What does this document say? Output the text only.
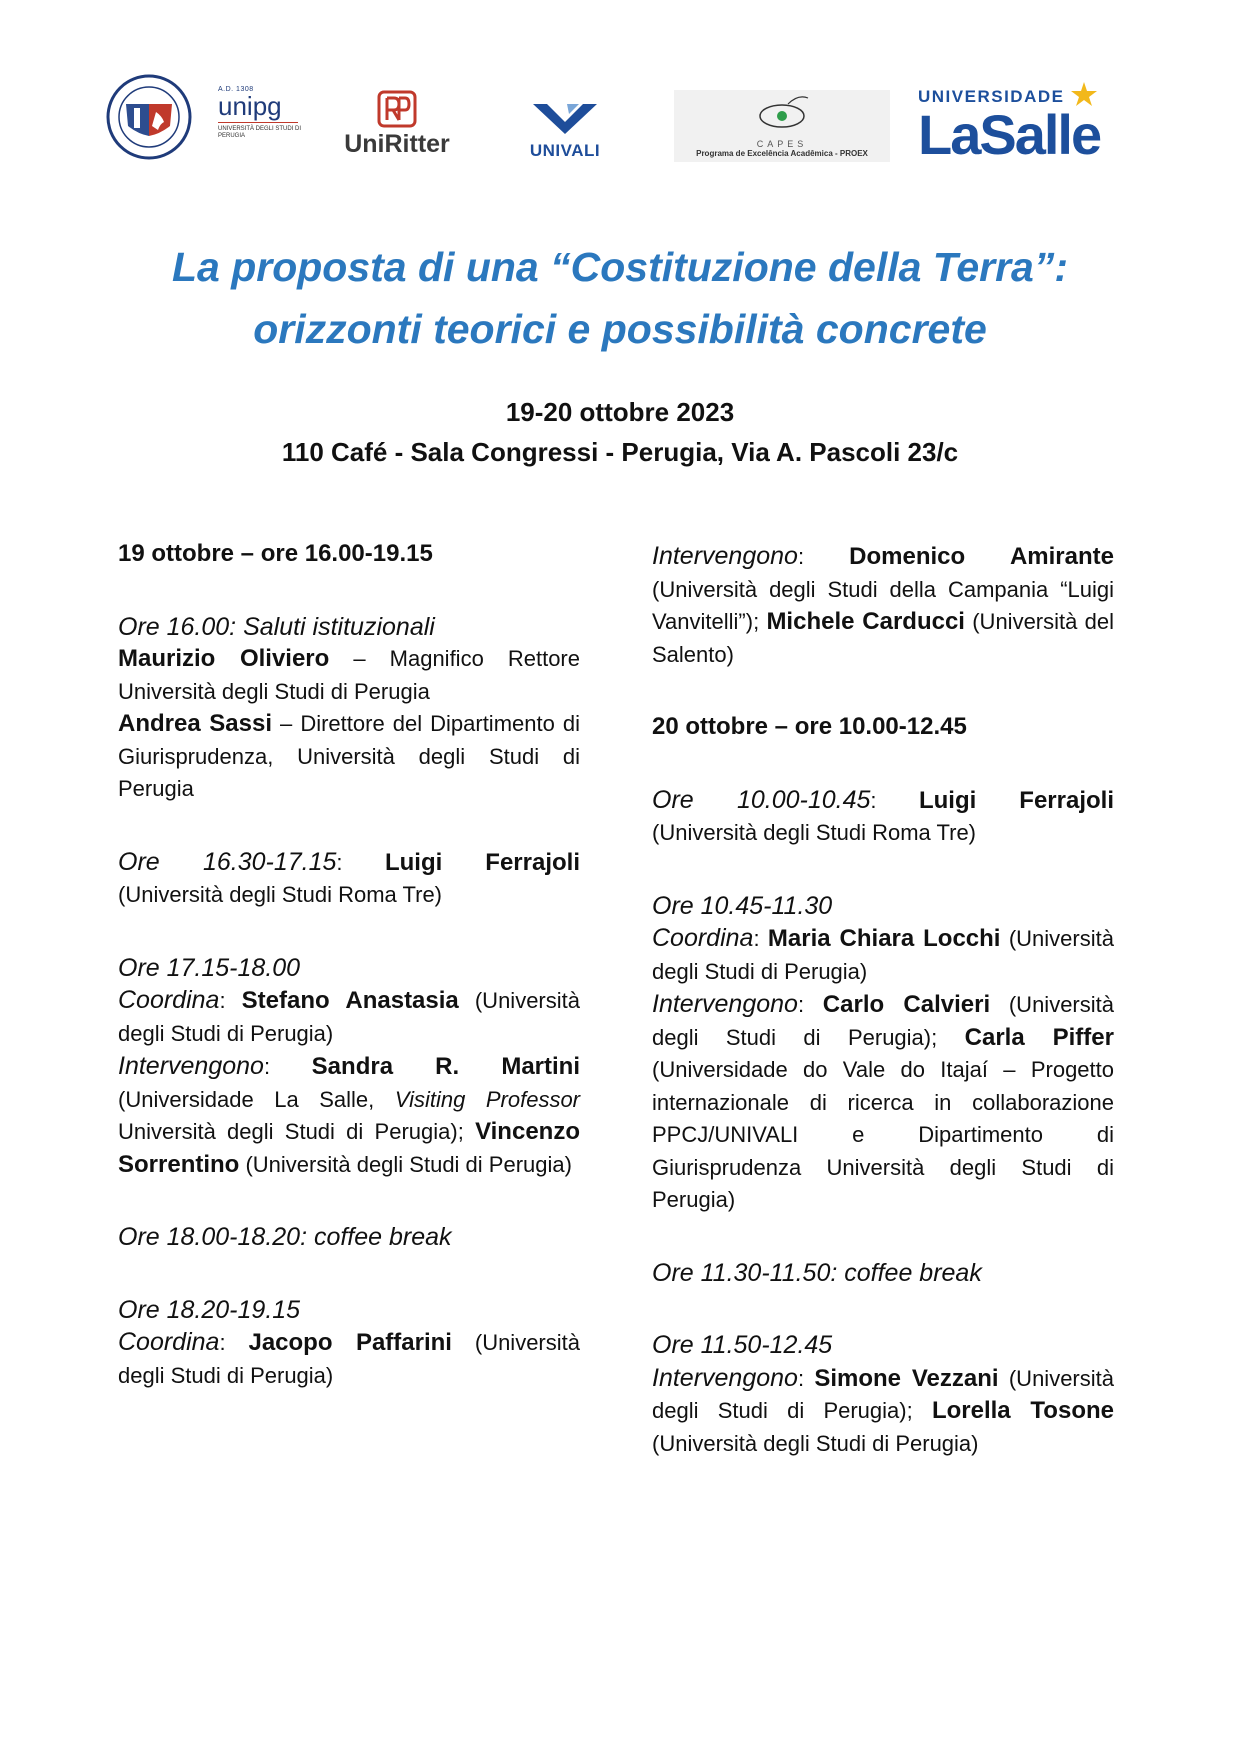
A.D. 1308
unipg
UNIVERSITÀ DEGLI STUDI DI PERUGIA	UniRitter	UNIVALI	CAPES
Programa de Excelência Acadêmica - PROEX
UNIVERSIDADE
LaSalle
La proposta di una “Costituzione della Terra”:
orizzonti teorici e possibilità concrete
19-20 ottobre 2023
110 Café - Sala Congressi - Perugia, Via A. Pascoli 23/c

19 ottobre – ore 16.00-19.15

Ore 16.00: Saluti istituzionali

Maurizio Oliviero – Magnifico Rettore Università degli Studi di Perugia

Andrea Sassi – Direttore del Dipartimento di Giurisprudenza, Università degli Studi di Perugia

Ore 16.30-17.15: Luigi Ferrajoli (Università degli Studi Roma Tre)

Ore 17.15-18.00

Coordina: Stefano Anastasia (Università degli Studi di Perugia)

Intervengono: Sandra R. Martini (Universidade La Salle, Visiting Professor Università degli Studi di Perugia); Vincenzo Sorrentino (Università degli Studi di Perugia)

Ore 18.00-18.20: coffee break
Ore 18.20-19.15

Coordina: Jacopo Paffarini (Università degli Studi di Perugia)

Intervengono: Domenico Amirante (Università degli Studi della Campania “Luigi Vanvitelli”); Michele Carducci (Università del Salento)

20 ottobre – ore 10.00-12.45

Ore 10.00-10.45: Luigi Ferrajoli (Università degli Studi Roma Tre)

Ore 10.45-11.30

Coordina: Maria Chiara Locchi (Università degli Studi di Perugia)

Intervengono: Carlo Calvieri (Università degli Studi di Perugia); Carla Piffer (Universidade do Vale do Itajaí – Progetto internazionale di ricerca in collaborazione PPCJ/UNIVALI e Dipartimento di Giurisprudenza Università degli Studi di Perugia)

Ore 11.30-11.50: coffee break
Ore 11.50-12.45

Intervengono: Simone Vezzani (Università degli Studi di Perugia); Lorella Tosone (Università degli Studi di Perugia)
